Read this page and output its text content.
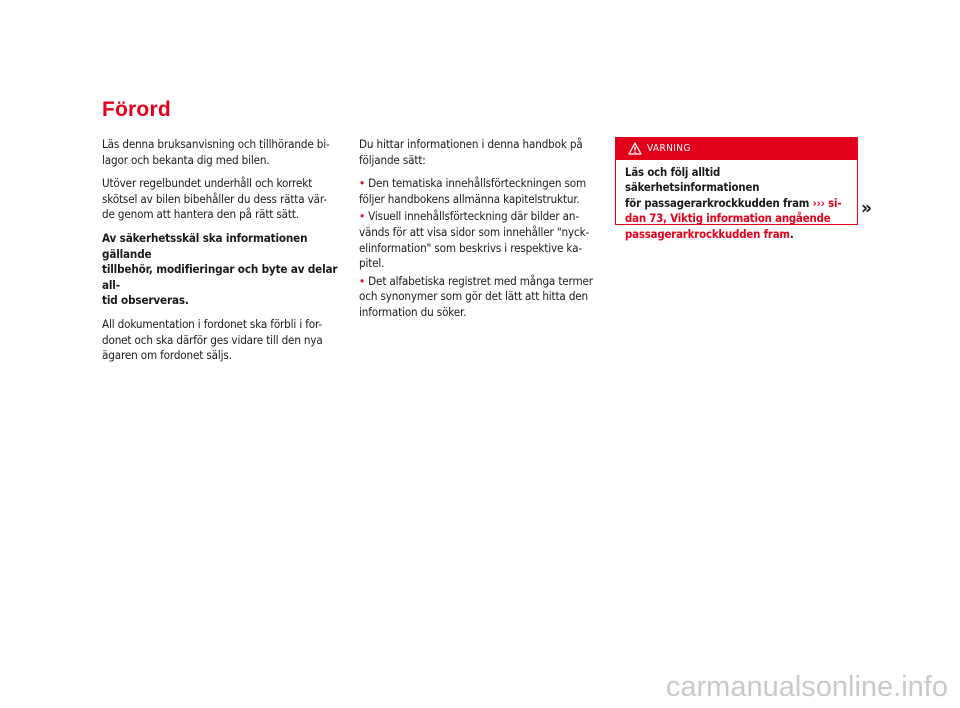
Förord

Läs denna bruksanvisning och tillhörande bi-
lagor och bekanta dig med bilen.

Utöver regelbundet underhåll och korrekt
skötsel av bilen bibehåller du dess rätta vär-
de genom att hantera den på rätt sätt.

Av säkerhetsskäl ska informationen gällande
tillbehör, modifieringar och byte av delar all-
tid observeras.

All dokumentation i fordonet ska förbli i for-
donet och ska därför ges vidare till den nya
ägaren om fordonet säljs.

Du hittar informationen i denna handbok på
följande sätt:

• Den tematiska innehållsförteckningen som
följer handbokens allmänna kapitelstruktur.

• Visuell innehållsförteckning där bilder an-
vänds för att visa sidor som innehåller "nyck-
elinformation" som beskrivs i respektive ka-
pitel.

• Det alfabetiska registret med många termer
och synonymer som gör det lätt att hitta den
information du söker.

VARNING
Läs och följ alltid säkerhetsinformationen
för passagerarkrockkudden fram ››› si-
dan 73, Viktig information angående
passagerarkrockkudden fram.
»
carmanualsonline.info
